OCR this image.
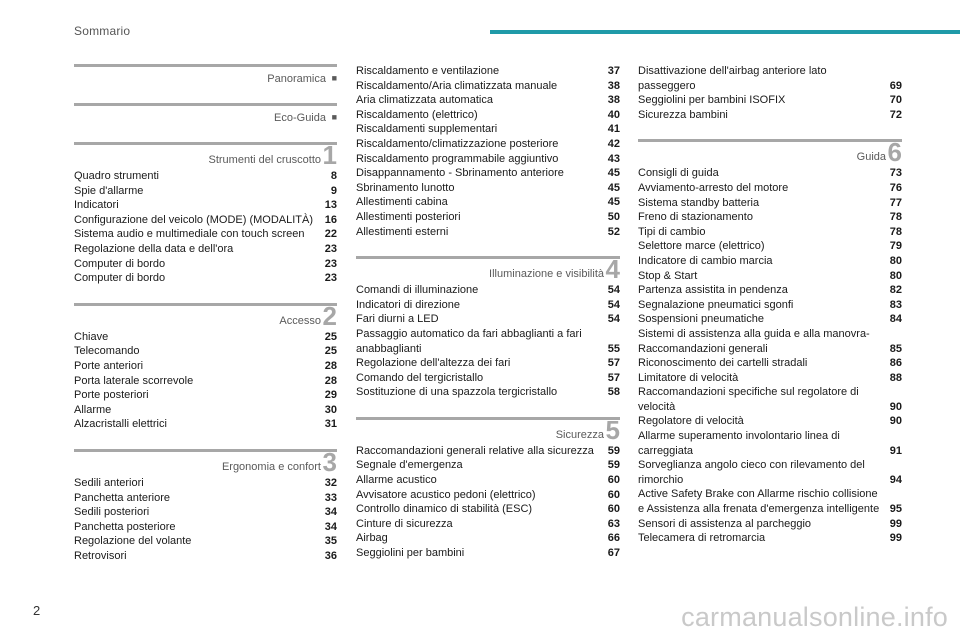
Sommario
Panoramica ■
Eco-Guida ■
Strumenti del cruscotto 1
Quadro strumenti	8
Spie d'allarme	9
Indicatori	13
Configurazione del veicolo (MODE) (MODALITÀ)	16
Sistema audio e multimediale con touch screen	22
Regolazione della data e dell'ora	23
Computer di bordo	23
Computer di bordo	23
Accesso 2
Chiave	25
Telecomando	25
Porte anteriori	28
Porta laterale scorrevole	28
Porte posteriori	29
Allarme	30
Alzacristalli elettrici	31
Ergonomia e confort 3
Sedili anteriori	32
Panchetta anteriore	33
Sedili posteriori	34
Panchetta posteriore	34
Regolazione del volante	35
Retrovisori	36
Riscaldamento e ventilazione	37
Riscaldamento/Aria climatizzata manuale	38
Aria climatizzata automatica	38
Riscaldamento (elettrico)	40
Riscaldamenti supplementari	41
Riscaldamento/climatizzazione posteriore	42
Riscaldamento programmabile aggiuntivo	43
Disappannamento - Sbrinamento anteriore	45
Sbrinamento lunotto	45
Allestimenti cabina	45
Allestimenti posteriori	50
Allestimenti esterni	52
Illuminazione e visibilità 4
Comandi di illuminazione	54
Indicatori di direzione	54
Fari diurni a LED	54
Passaggio automatico da fari abbaglianti a fari anabbaglianti	55
Regolazione dell'altezza dei fari	57
Comando del tergicristallo	57
Sostituzione di una spazzola tergicristallo	58
Sicurezza 5
Raccomandazioni generali relative alla sicurezza	59
Segnale d'emergenza	59
Allarme acustico	60
Avvisatore acustico pedoni (elettrico)	60
Controllo dinamico di stabilità (ESC)	60
Cinture di sicurezza	63
Airbag	66
Seggiolini per bambini	67
Disattivazione dell'airbag anteriore lato passeggero	69
Seggiolini per bambini ISOFIX	70
Sicurezza bambini	72
Guida 6
Consigli di guida	73
Avviamento-arresto del motore	76
Sistema standby batteria	77
Freno di stazionamento	78
Tipi di cambio	78
Selettore marce (elettrico)	79
Indicatore di cambio marcia	80
Stop & Start	80
Partenza assistita in pendenza	82
Segnalazione pneumatici sgonfi	83
Sospensioni pneumatiche	84
Sistemi di assistenza alla guida e alla manovra- Raccomandazioni generali	85
Riconoscimento dei cartelli stradali	86
Limitatore di velocità	88
Raccomandazioni specifiche sul regolatore di velocità	90
Regolatore di velocità	90
Allarme superamento involontario linea di carreggiata	91
Sorveglianza angolo cieco con rilevamento del rimorchio	94
Active Safety Brake con Allarme rischio collisione e Assistenza alla frenata d'emergenza intelligente 95
Sensori di assistenza al parcheggio	99
Telecamera di retromarcia	99
2	carmanualsonline.info
